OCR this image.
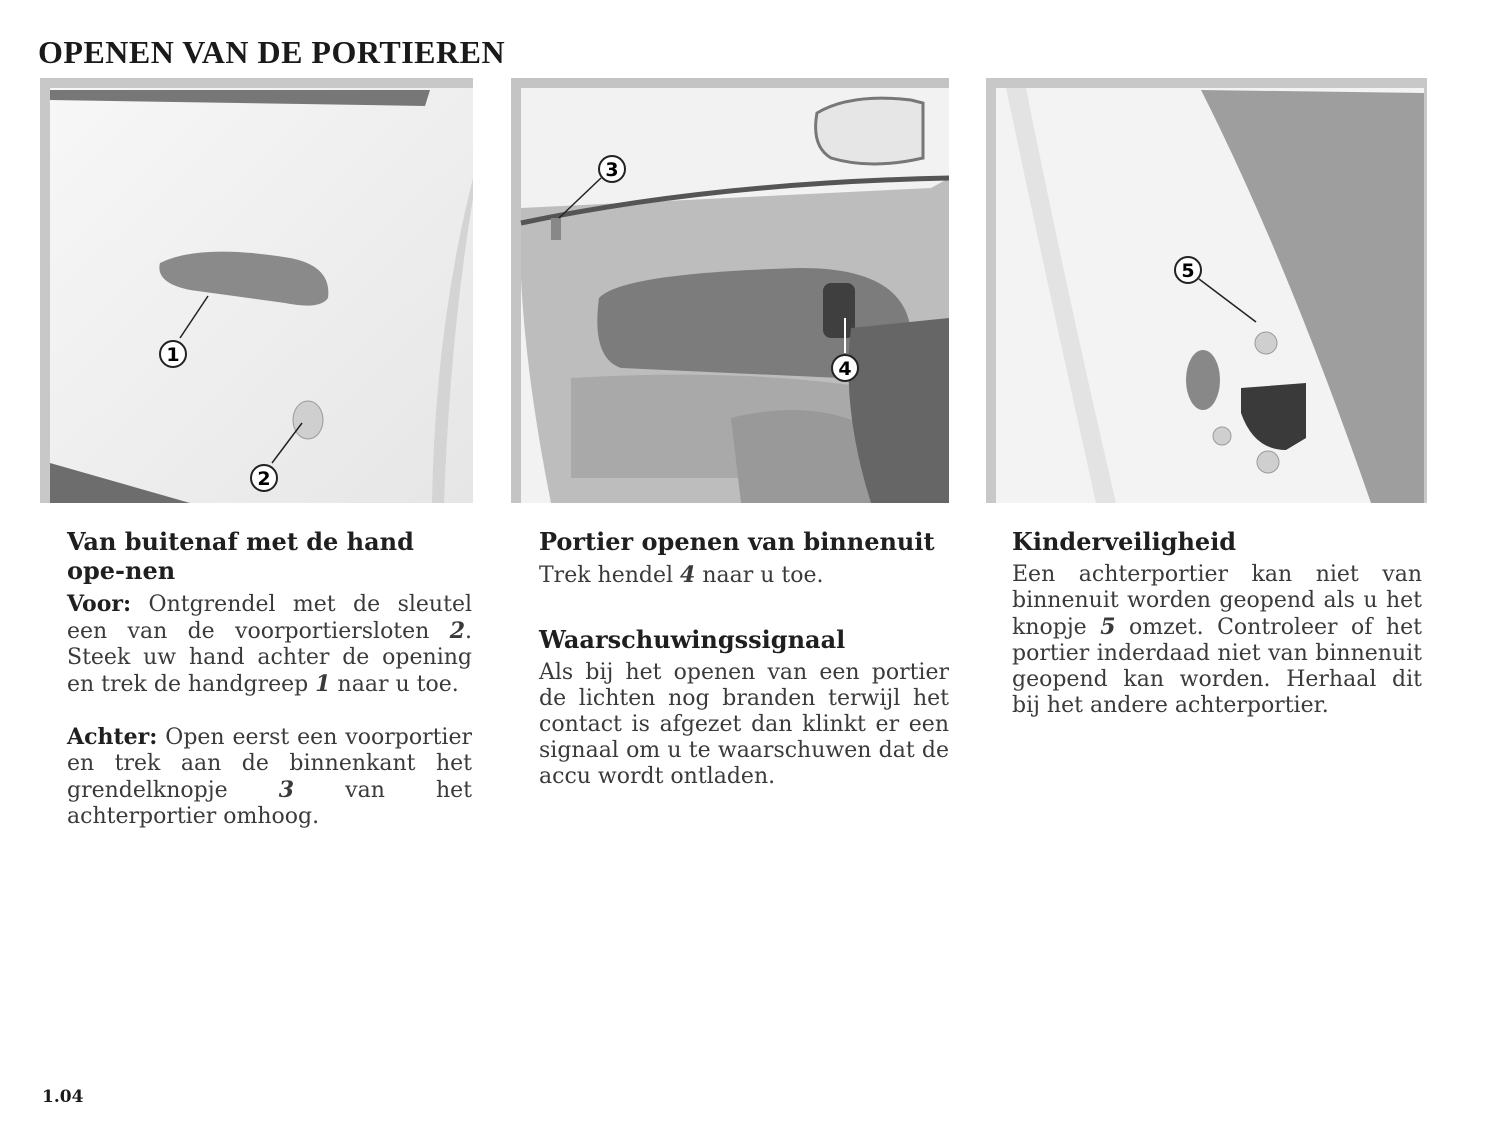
OPENEN VAN DE PORTIEREN
1
2
3
4
5
Van buitenaf met de hand ope-nen

Voor: Ontgrendel met de sleutel een van de voorportiersloten 2. Steek uw hand achter de opening en trek de handgreep 1 naar u toe.

Achter: Open eerst een voorportier en trek aan de binnenkant het grendelknopje 3 van het achterportier omhoog.

Portier openen van binnenuit

Trek hendel 4 naar u toe.

Waarschuwingssignaal

Als bij het openen van een portier de lichten nog branden terwijl het contact is afgezet dan klinkt er een signaal om u te waarschuwen dat de accu wordt ontladen.

Kinderveiligheid

Een achterportier kan niet van binnenuit worden geopend als u het knopje 5 omzet. Controleer of het portier inderdaad niet van binnenuit geopend kan worden. Herhaal dit bij het andere achterportier.

1.04
